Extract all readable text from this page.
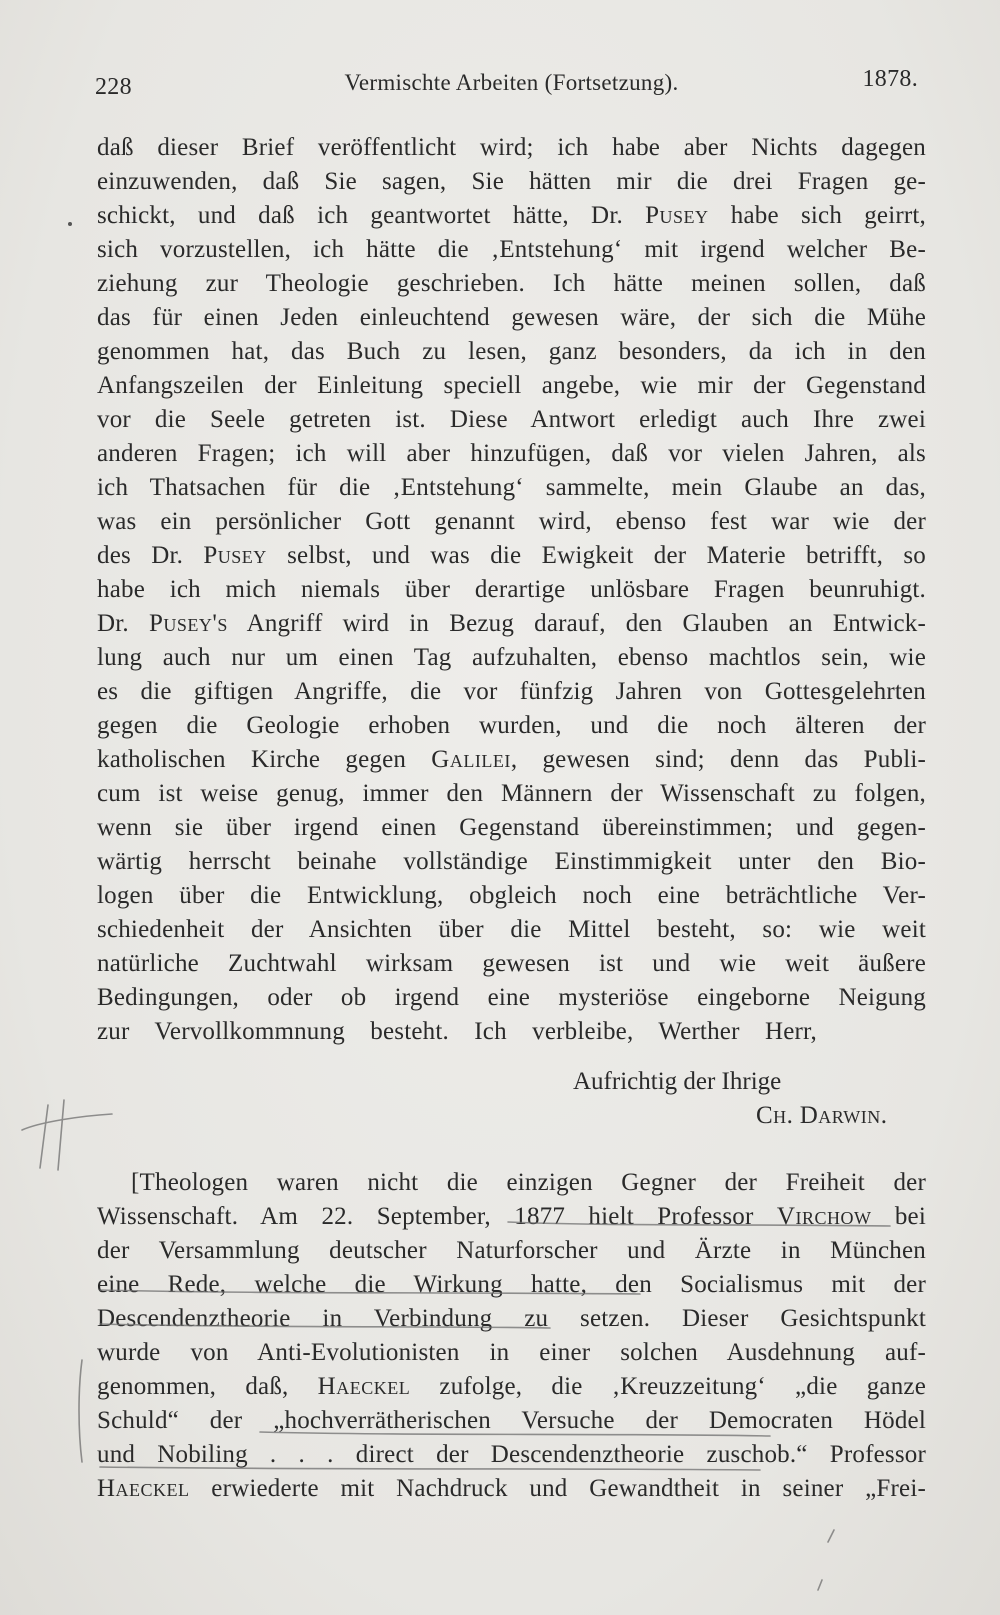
228	Vermischte Arbeiten (Fortsetzung).	1878.
daß dieser Brief veröffentlicht wird; ich habe aber Nichts dagegen
einzuwenden, daß Sie sagen, Sie hätten mir die drei Fragen ge-
schickt, und daß ich geantwortet hätte, Dr. Pusey habe sich geirrt,
sich vorzustellen, ich hätte die ‚Entstehung‘ mit irgend welcher Be-
ziehung zur Theologie geschrieben. Ich hätte meinen sollen, daß
das für einen Jeden einleuchtend gewesen wäre, der sich die Mühe
genommen hat, das Buch zu lesen, ganz besonders, da ich in den
Anfangszeilen der Einleitung speciell angebe, wie mir der Gegenstand
vor die Seele getreten ist. Diese Antwort erledigt auch Ihre zwei
anderen Fragen; ich will aber hinzufügen, daß vor vielen Jahren, als
ich Thatsachen für die ‚Entstehung‘ sammelte, mein Glaube an das,
was ein persönlicher Gott genannt wird, ebenso fest war wie der
des Dr. Pusey selbst, und was die Ewigkeit der Materie betrifft, so
habe ich mich niemals über derartige unlösbare Fragen beunruhigt.
Dr. Pusey's Angriff wird in Bezug darauf, den Glauben an Entwick-
lung auch nur um einen Tag aufzuhalten, ebenso machtlos sein, wie
es die giftigen Angriffe, die vor fünfzig Jahren von Gottesgelehrten
gegen die Geologie erhoben wurden, und die noch älteren der
katholischen Kirche gegen Galilei, gewesen sind; denn das Publi-
cum ist weise genug, immer den Männern der Wissenschaft zu folgen,
wenn sie über irgend einen Gegenstand übereinstimmen; und gegen-
wärtig herrscht beinahe vollständige Einstimmigkeit unter den Bio-
logen über die Entwicklung, obgleich noch eine beträchtliche Ver-
schiedenheit der Ansichten über die Mittel besteht, so: wie weit
natürliche Zuchtwahl wirksam gewesen ist und wie weit äußere
Bedingungen, oder ob irgend eine mysteriöse eingeborne Neigung
zur Vervollkommnung besteht. Ich verbleibe, Werther Herr,
Aufrichtig der Ihrige
Ch. Darwin.
[Theologen waren nicht die einzigen Gegner der Freiheit der
Wissenschaft. Am 22. September, 1877 hielt Professor Virchow bei
der Versammlung deutscher Naturforscher und Ärzte in München
eine Rede, welche die Wirkung hatte, den Socialismus mit der
Descendenztheorie in Verbindung zu setzen. Dieser Gesichtspunkt
wurde von Anti-Evolutionisten in einer solchen Ausdehnung auf-
genommen, daß, Haeckel zufolge, die ‚Kreuzzeitung‘ „die ganze
Schuld“ der „hochverrätherischen Versuche der Democraten Hödel
und Nobiling . . . direct der Descendenztheorie zuschob.“ Professor
Haeckel erwiederte mit Nachdruck und Gewandtheit in seiner „Frei-
